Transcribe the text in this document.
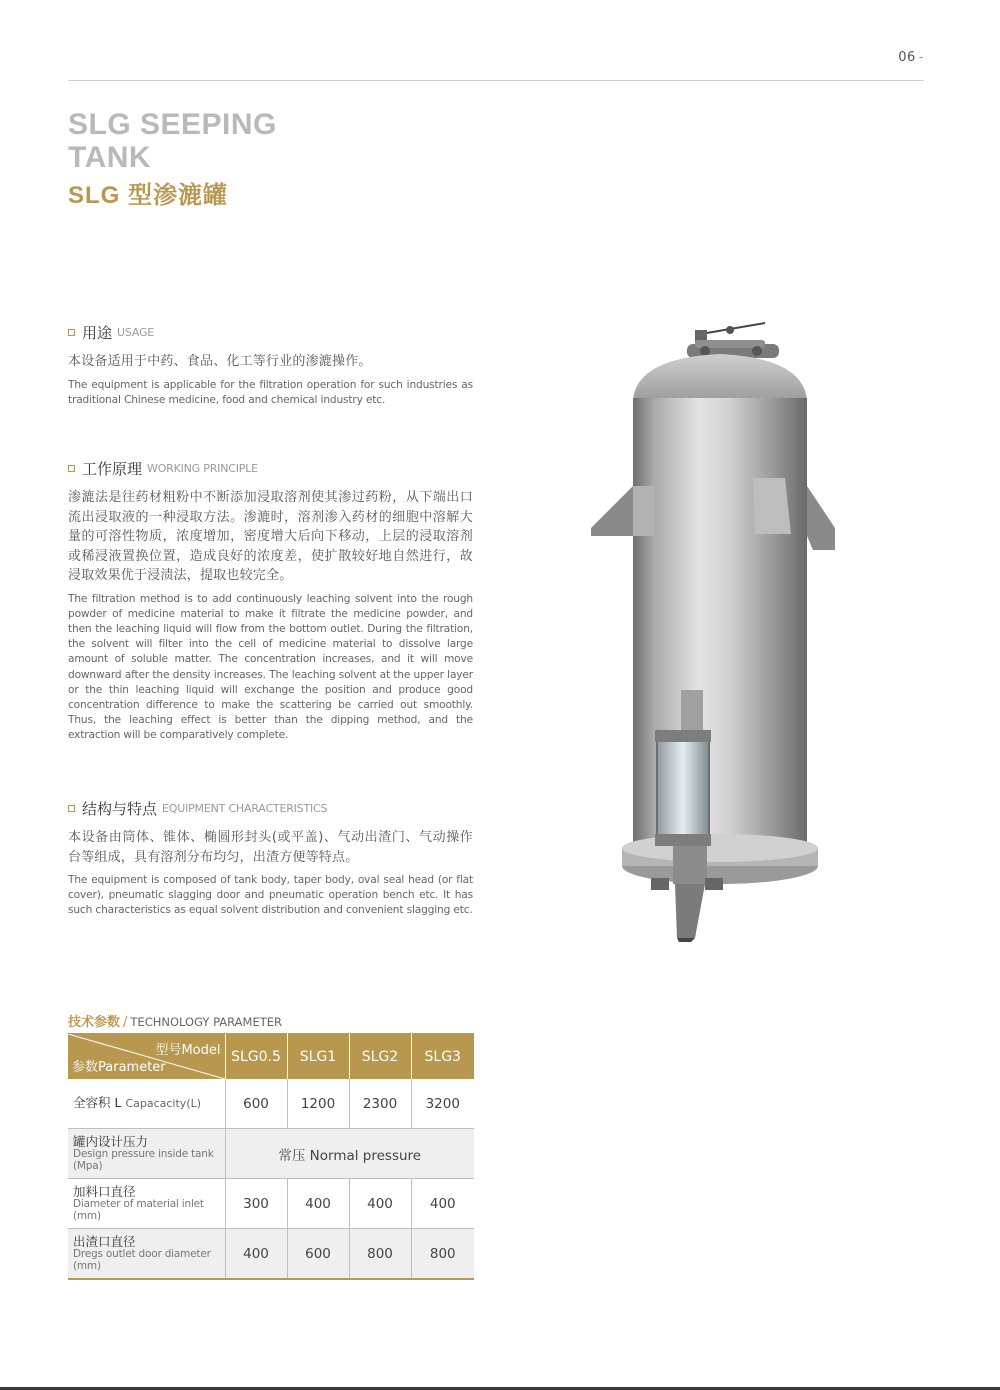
06 -
SLG SEEPING
TANK
SLG 型渗漉罐
用途 USAGE

本设备适用于中药、食品、化工等行业的渗漉操作。

The equipment is applicable for the filtration operation for such industries as traditional Chinese medicine, food and chemical industry etc.

工作原理 WORKING PRINCIPLE

渗漉法是往药材粗粉中不断添加浸取溶剂使其渗过药粉，从下端出口流出浸取液的一种浸取方法。渗漉时，溶剂渗入药材的细胞中溶解大量的可溶性物质，浓度增加，密度增大后向下移动，上层的浸取溶剂或稀浸液置换位置，造成良好的浓度差，使扩散较好地自然进行，故浸取效果优于浸渍法，提取也较完全。

The filtration method is to add continuously leaching solvent into the rough powder of medicine material to make it filtrate the medicine powder, and then the leaching liquid will flow from the bottom outlet. During the filtration, the solvent will filter into the cell of medicine material to dissolve large amount of soluble matter. The concentration increases, and it will move downward after the density increases. The leaching solvent at the upper layer or the thin leaching liquid will exchange the position and produce good concentration difference to make the scattering be carried out smoothly. Thus, the leaching effect is better than the dipping method, and the extraction will be comparatively complete.

结构与特点 EQUIPMENT CHARACTERISTICS

本设备由筒体、锥体、椭圆形封头(或平盖)、气动出渣门、气动操作台等组成，具有溶剂分布均匀，出渣方便等特点。

The equipment is composed of tank body, taper body, oval seal head (or flat cover), pneumatic slagging door and pneumatic operation bench etc. It has such characteristics as equal solvent distribution and convenient slagging etc.

技术参数 / TECHNOLOGY PARAMETER
型号Model
参数Parameter	SLG0.5	SLG1	SLG2	SLG3
全容积 L Capacacity(L)	600	1200	2300	3200

罐内设计压力
Design pressure inside tank (Mpa)	常压 Normal pressure			

加料口直径
Diameter of material inlet (mm)	300	400	400	400

出渣口直径
Dregs outlet door diameter (mm)	400	600	800	800
